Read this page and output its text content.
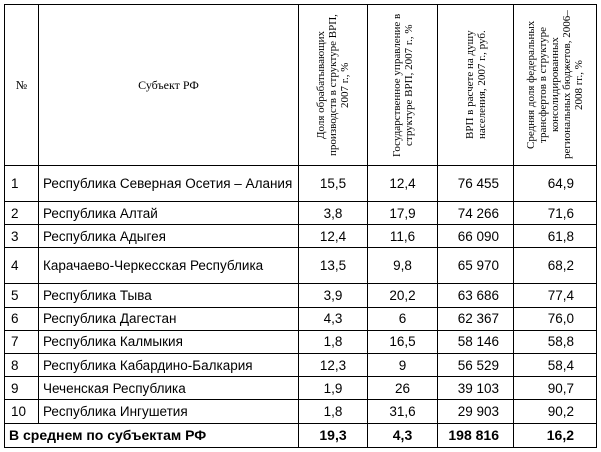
№	Субъект РФ	Доля обрабатывающих производств в структуре ВРП, 2007 г., %	Государственное управление в структуре ВРП, 2007 г., %	ВРП в расчете на душу населения, 2007 г., руб.	Средняя доля федеральных трансфертов в структуре консолидированных региональных бюджетов, 2006–2008 гг., %

1	Республика Северная Осетия – Алания	15,5	12,4	76 455	64,9
2	Республика Алтай	3,8	17,9	74 266	71,6
3	Республика Адыгея	12,4	11,6	66 090	61,8
4	Карачаево-Черкесская Республика	13,5	9,8	65 970	68,2
5	Республика Тыва	3,9	20,2	63 686	77,4
6	Республика Дагестан	4,3	6	62 367	76,0
7	Республика Калмыкия	1,8	16,5	58 146	58,8
8	Республика Кабардино-Балкария	12,3	9	56 529	58,4
9	Чеченская Республика	1,9	26	39 103	90,7
10	Республика Ингушетия	1,8	31,6	29 903	90,2
В среднем по субъектам РФ		19,3	4,3	198 816	16,2
